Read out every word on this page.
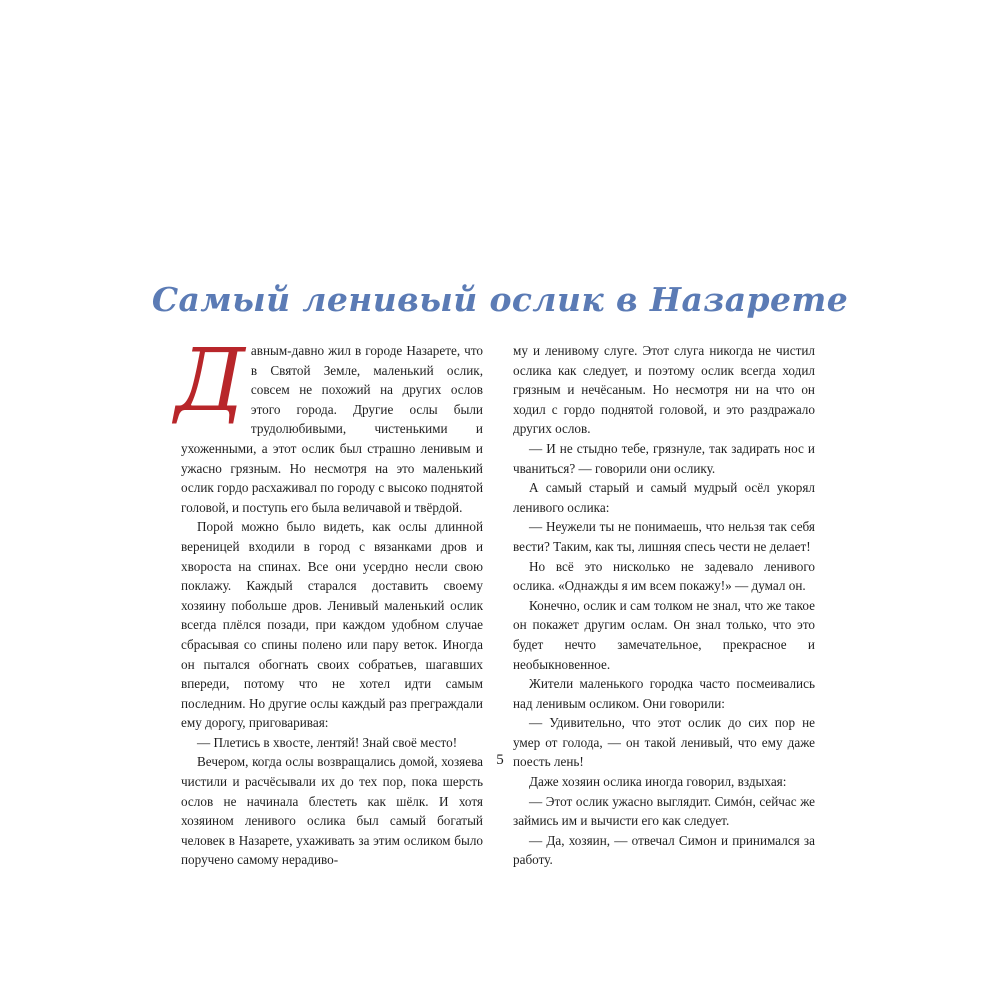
Самый ленивый ослик в Назарете

Давным-давно жил в городе Назарете, что в Святой Земле, маленький ослик, совсем не похожий на других ослов этого города. Другие ослы были трудолюбивыми, чистенькими и ухоженными, а этот ослик был страшно ленивым и ужасно грязным. Но несмотря на это маленький ослик гордо расхаживал по городу с высоко поднятой головой, и поступь его была величавой и твёрдой.

Порой можно было видеть, как ослы длинной вереницей входили в город с вязанками дров и хвороста на спинах. Все они усердно несли свою поклажу. Каждый старался доставить своему хозяину побольше дров. Ленивый маленький ослик всегда плёлся позади, при каждом удобном случае сбрасывая со спины полено или пару веток. Иногда он пытался обогнать своих собратьев, шагавших впереди, потому что не хотел идти самым последним. Но другие ослы каждый раз преграждали ему дорогу, приговаривая:

— Плетись в хвосте, лентяй! Знай своё место!

Вечером, когда ослы возвращались домой, хозяева чистили и расчёсывали их до тех пор, пока шерсть ослов не начинала блестеть как шёлк. И хотя хозяином ленивого ослика был самый богатый человек в Назарете, ухаживать за этим осликом было поручено самому нерадиво-

му и ленивому слуге. Этот слуга никогда не чистил ослика как следует, и поэтому ослик всегда ходил грязным и нечёсаным. Но несмотря ни на что он ходил с гордо поднятой головой, и это раздражало других ослов.

— И не стыдно тебе, грязнуле, так задирать нос и чваниться? — говорили они ослику.

А самый старый и самый мудрый осёл укорял ленивого ослика:

— Неужели ты не понимаешь, что нельзя так себя вести? Таким, как ты, лишняя спесь чести не делает!

Но всё это нисколько не задевало ленивого ослика. «Однажды я им всем покажу!» — думал он.

Конечно, ослик и сам толком не знал, что же такое он покажет другим ослам. Он знал только, что это будет нечто замечательное, прекрасное и необыкновенное.

Жители маленького городка часто посмеивались над ленивым осликом. Они говорили:

— Удивительно, что этот ослик до сих пор не умер от голода, — он такой ленивый, что ему даже поесть лень!

Даже хозяин ослика иногда говорил, вздыхая:

— Этот ослик ужасно выглядит. Симóн, сейчас же займись им и вычисти его как следует.

— Да, хозяин, — отвечал Симон и принимался за работу.

5
